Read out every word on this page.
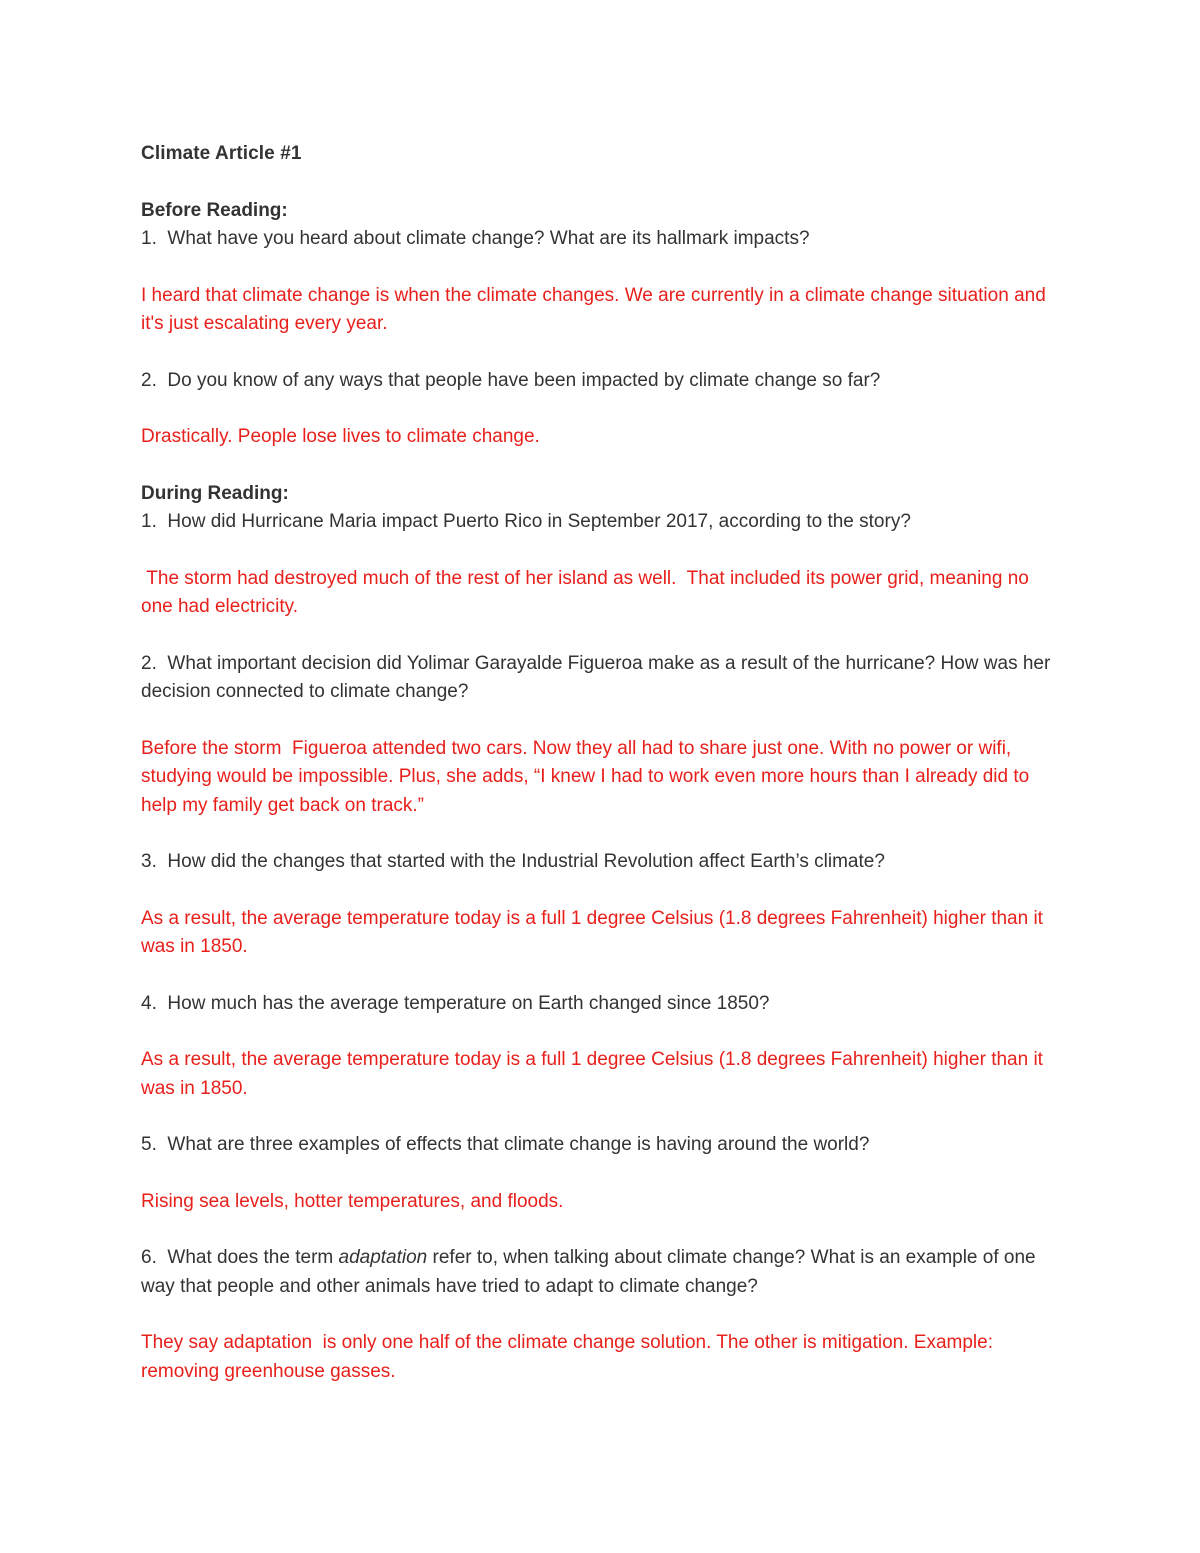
Climate Article #1
Before Reading:

1. What have you heard about climate change? What are its hallmark impacts?

I heard that climate change is when the climate changes. We are currently in a climate change situation and it's just escalating every year.

2. Do you know of any ways that people have been impacted by climate change so far?

Drastically. People lose lives to climate change.

During Reading:

1. How did Hurricane Maria impact Puerto Rico in September 2017, according to the story?

The storm had destroyed much of the rest of her island as well.  That included its power grid, meaning no one had electricity.

2. What important decision did Yolimar Garayalde Figueroa make as a result of the hurricane? How was her decision connected to climate change?

Before the storm  Figueroa attended two cars. Now they all had to share just one. With no power or wifi, studying would be impossible. Plus, she adds, “I knew I had to work even more hours than I already did to help my family get back on track.”

3. How did the changes that started with the Industrial Revolution affect Earth’s climate?

As a result, the average temperature today is a full 1 degree Celsius (1.8 degrees Fahrenheit) higher than it was in 1850.

4. How much has the average temperature on Earth changed since 1850?

As a result, the average temperature today is a full 1 degree Celsius (1.8 degrees Fahrenheit) higher than it was in 1850.

5. What are three examples of effects that climate change is having around the world?

Rising sea levels, hotter temperatures, and floods.

6. What does the term adaptation refer to, when talking about climate change? What is an example of one way that people and other animals have tried to adapt to climate change?

They say adaptation  is only one half of the climate change solution. The other is mitigation. Example: removing greenhouse gasses.
